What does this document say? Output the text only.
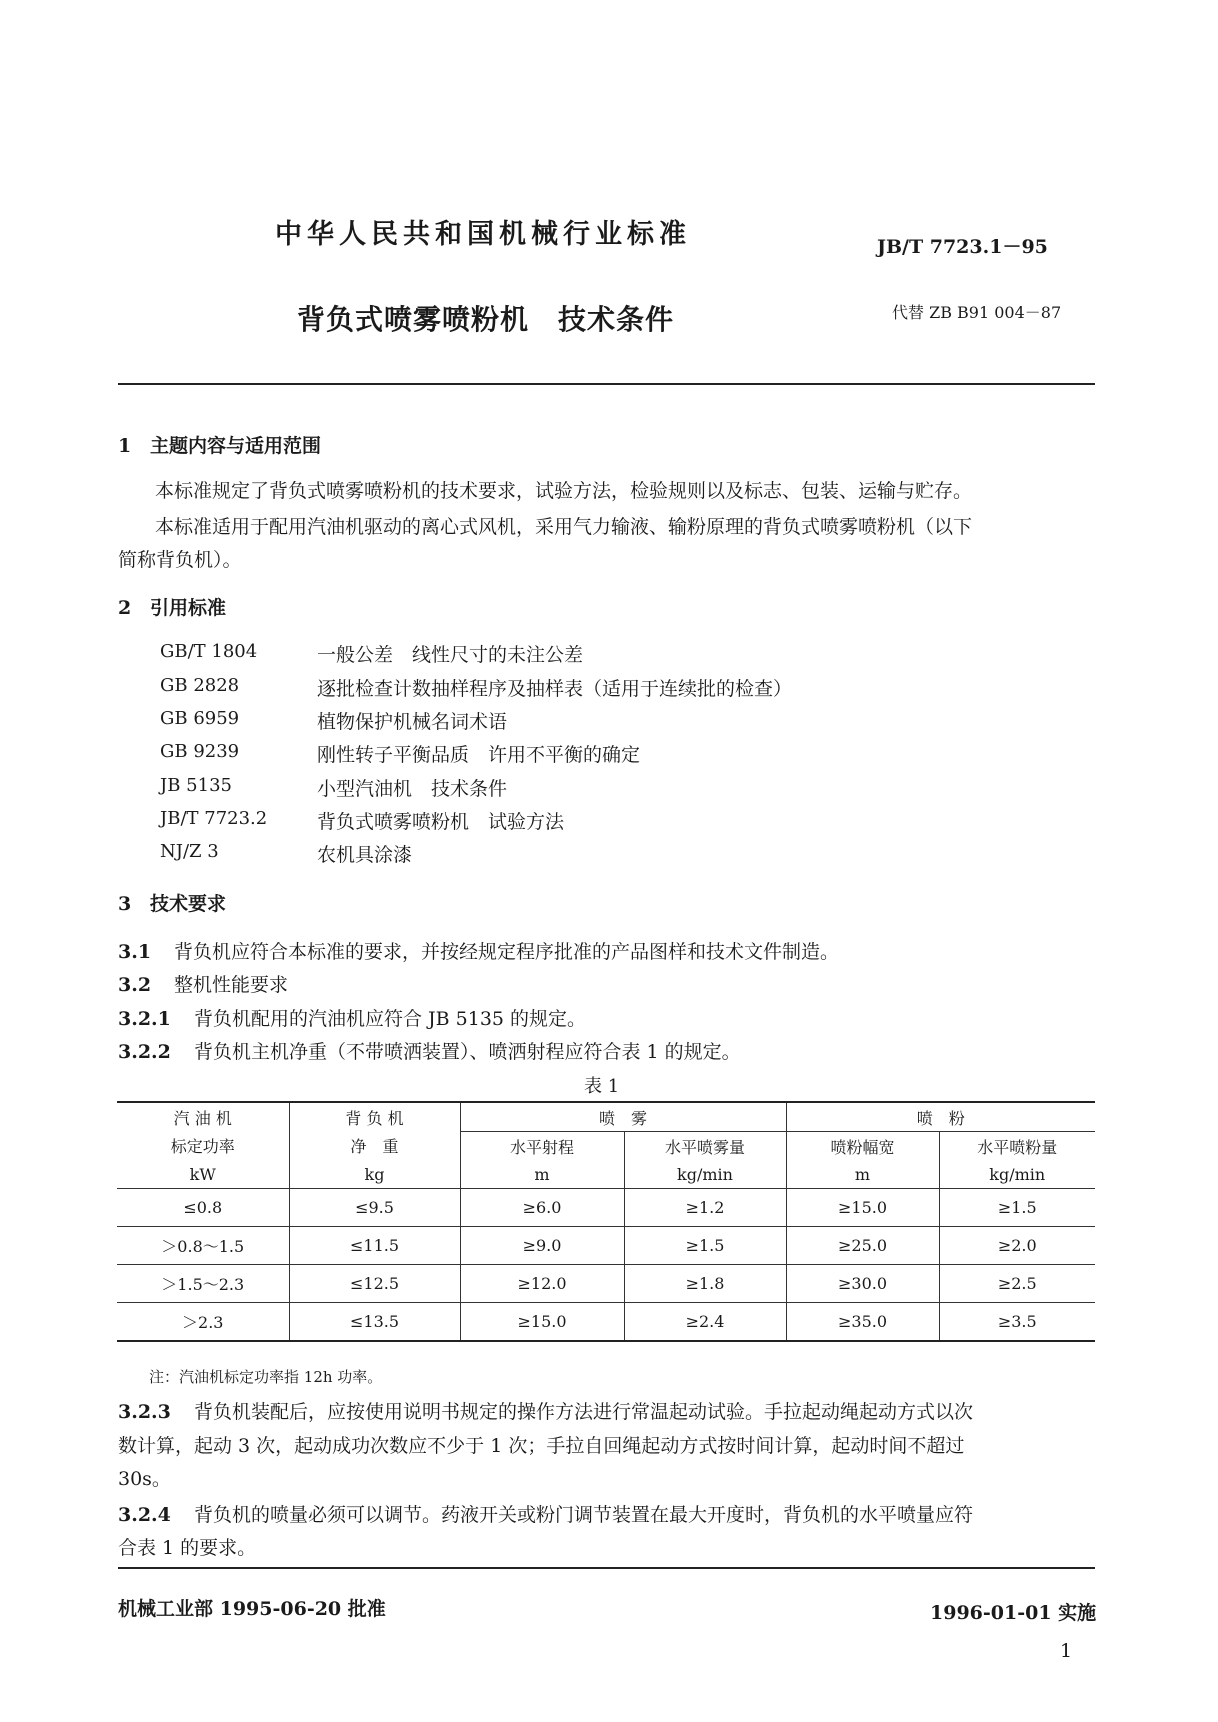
中华人民共和国机械行业标准	JB/T 7723.1－95
背负式喷雾喷粉机　技术条件	代替 ZB B91 004－87
1 主题内容与适用范围
本标准规定了背负式喷雾喷粉机的技术要求，试验方法，检验规则以及标志、包装、运输与贮存。
本标准适用于配用汽油机驱动的离心式风机，采用气力输液、输粉原理的背负式喷雾喷粉机（以下
简称背负机）。
2 引用标准
GB/T 1804	一般公差　线性尺寸的未注公差
GB 2828	逐批检查计数抽样程序及抽样表（适用于连续批的检查）
GB 6959	植物保护机械名词术语
GB 9239	刚性转子平衡品质　许用不平衡的确定
JB 5135	小型汽油机　技术条件
JB/T 7723.2	背负式喷雾喷粉机　试验方法
NJ/Z 3	农机具涂漆
3 技术要求
3.1 背负机应符合本标准的要求，并按经规定程序批准的产品图样和技术文件制造。
3.2 整机性能要求
3.2.1 背负机配用的汽油机应符合 JB 5135 的规定。
3.2.2 背负机主机净重（不带喷洒装置）、喷洒射程应符合表 1 的规定。
表 1
汽 油 机	背 负 机	喷　雾		喷　粉	
标定功率	净　重	水平射程	水平喷雾量	喷粉幅宽	水平喷粉量
kW	kg	m	kg/min	m	kg/min
≤0.8	≤9.5	≥6.0	≥1.2	≥15.0	≥1.5
＞0.8～1.5	≤11.5	≥9.0	≥1.5	≥25.0	≥2.0
＞1.5～2.3	≤12.5	≥12.0	≥1.8	≥30.0	≥2.5
＞2.3	≤13.5	≥15.0	≥2.4	≥35.0	≥3.5
注：汽油机标定功率指 12h 功率。
3.2.3 背负机装配后，应按使用说明书规定的操作方法进行常温起动试验。手拉起动绳起动方式以次
数计算，起动 3 次，起动成功次数应不少于 1 次；手拉自回绳起动方式按时间计算，起动时间不超过
30s。
3.2.4 背负机的喷量必须可以调节。药液开关或粉门调节装置在最大开度时，背负机的水平喷量应符
合表 1 的要求。
机械工业部 1995-06-20 批准	1996-01-01 实施
1
